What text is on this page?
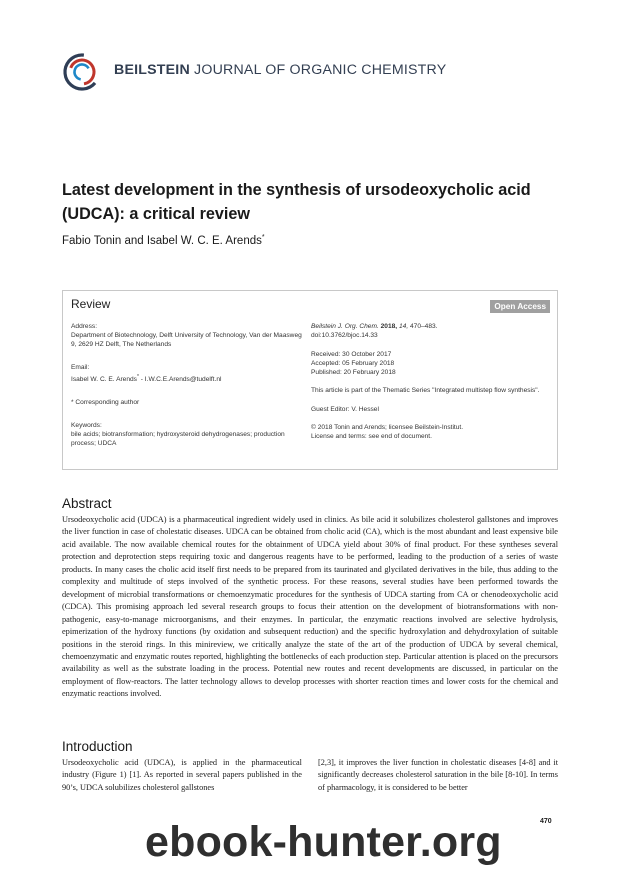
BEILSTEIN JOURNAL OF ORGANIC CHEMISTRY
Latest development in the synthesis of ursodeoxycholic acid (UDCA): a critical review
Fabio Tonin and Isabel W. C. E. Arends*
Review	Open Access
Address:
Department of Biotechnology, Delft University of Technology, Van der Maasweg 9, 2629 HZ Delft, The Netherlands
Email:
Isabel W. C. E. Arends* - I.W.C.E.Arends@tudelft.nl
* Corresponding author
Keywords:
bile acids; biotransformation; hydroxysteroid dehydrogenases; production process; UDCA
Beilstein J. Org. Chem. 2018, 14, 470–483.
doi:10.3762/bjoc.14.33
Received: 30 October 2017
Accepted: 05 February 2018
Published: 20 February 2018
This article is part of the Thematic Series "Integrated multistep flow synthesis".
Guest Editor: V. Hessel
© 2018 Tonin and Arends; licensee Beilstein-Institut.
License and terms: see end of document.
Abstract
Ursodeoxycholic acid (UDCA) is a pharmaceutical ingredient widely used in clinics. As bile acid it solubilizes cholesterol gallstones and improves the liver function in case of cholestatic diseases. UDCA can be obtained from cholic acid (CA), which is the most abundant and least expensive bile acid available. The now available chemical routes for the obtainment of UDCA yield about 30% of final product. For these syntheses several protection and deprotection steps requiring toxic and dangerous reagents have to be performed, leading to the production of a series of waste products. In many cases the cholic acid itself first needs to be prepared from its taurinated and glycilated derivatives in the bile, thus adding to the complexity and multitude of steps involved of the synthetic process. For these reasons, several studies have been performed towards the development of microbial transformations or chemoenzymatic procedures for the synthesis of UDCA starting from CA or chenodeoxycholic acid (CDCA). This promising approach led several research groups to focus their attention on the development of biotransformations with non-pathogenic, easy-to-manage microorganisms, and their enzymes. In particular, the enzymatic reactions involved are selective hydrolysis, epimerization of the hydroxy functions (by oxidation and subsequent reduction) and the specific hydroxylation and dehydroxylation of suitable positions in the steroid rings. In this minireview, we critically analyze the state of the art of the production of UDCA by several chemical, chemoenzymatic and enzymatic routes reported, highlighting the bottlenecks of each production step. Particular attention is placed on the precursors availability as well as the substrate loading in the process. Potential new routes and recent developments are discussed, in particular on the employment of flow-reactors. The latter technology allows to develop processes with shorter reaction times and lower costs for the chemical and enzymatic reactions involved.
Introduction
Ursodeoxycholic acid (UDCA), is applied in the pharmaceutical industry (Figure 1) [1]. As reported in several papers published in the 90’s, UDCA solubilizes cholesterol gallstones
[2,3], it improves the liver function in cholestatic diseases [4-8] and it significantly decreases cholesterol saturation in the bile [8-10]. In terms of pharmacology, it is considered to be better
470
ebook-hunter.org
